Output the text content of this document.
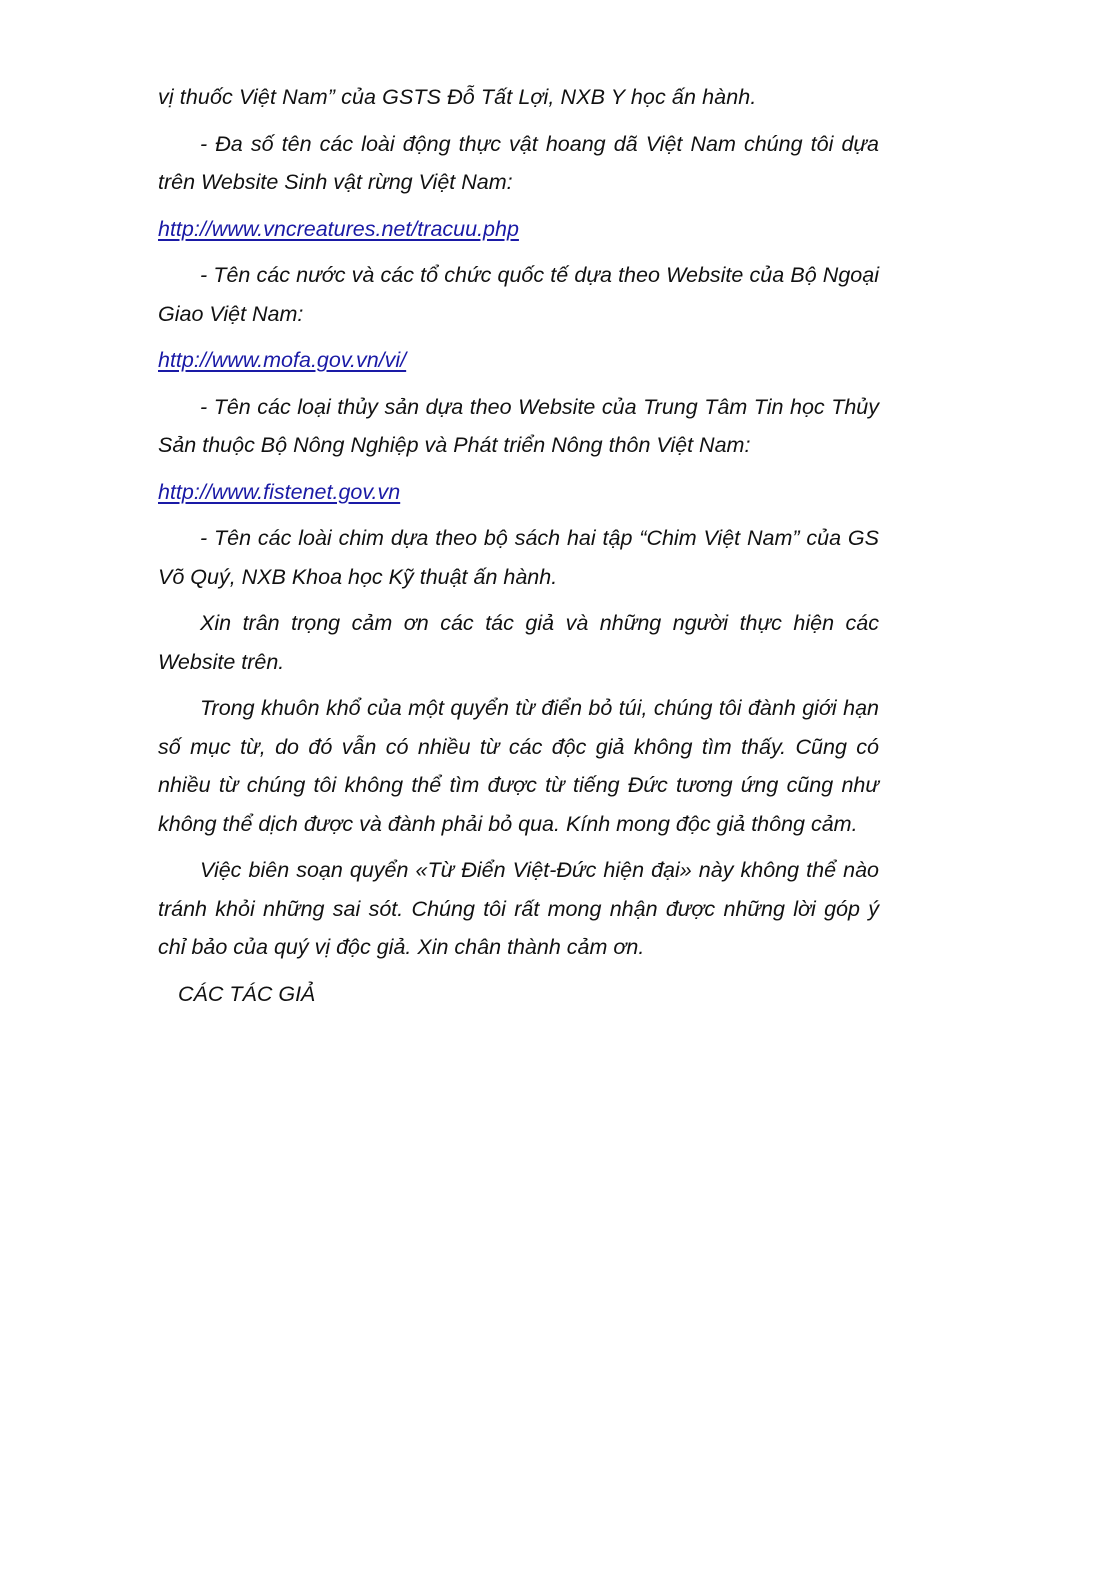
vị thuốc Việt Nam” của GSTS Đỗ Tất Lợi, NXB Y học ấn hành.

- Đa số tên các loài động thực vật hoang dã Việt Nam chúng tôi dựa trên Website Sinh vật rừng Việt Nam:

http://www.vncreatures.net/tracuu.php

- Tên các nước và các tổ chức quốc tế dựa theo Website của Bộ Ngoại Giao Việt Nam:

http://www.mofa.gov.vn/vi/

- Tên các loại thủy sản dựa theo Website của Trung Tâm Tin học Thủy Sản thuộc Bộ Nông Nghiệp và Phát triển Nông thôn Việt Nam:

http://www.fistenet.gov.vn

- Tên các loài chim dựa theo bộ sách hai tập “Chim Việt Nam” của GS Võ Quý, NXB Khoa học Kỹ thuật ấn hành.

Xin trân trọng cảm ơn các tác giả và những người thực hiện các Website trên.

Trong khuôn khổ của một quyển từ điển bỏ túi, chúng tôi đành giới hạn số mục từ, do đó vẫn có nhiều từ các độc giả không tìm thấy. Cũng có nhiều từ chúng tôi không thể tìm được từ tiếng Đức tương ứng cũng như không thể dịch được và đành phải bỏ qua. Kính mong độc giả thông cảm.

Việc biên soạn quyển «Từ Điển Việt-Đức hiện đại» này không thể nào tránh khỏi những sai sót. Chúng tôi rất mong nhận được những lời góp ý chỉ bảo của quý vị độc giả. Xin chân thành cảm ơn.

CÁC TÁC GIẢ
